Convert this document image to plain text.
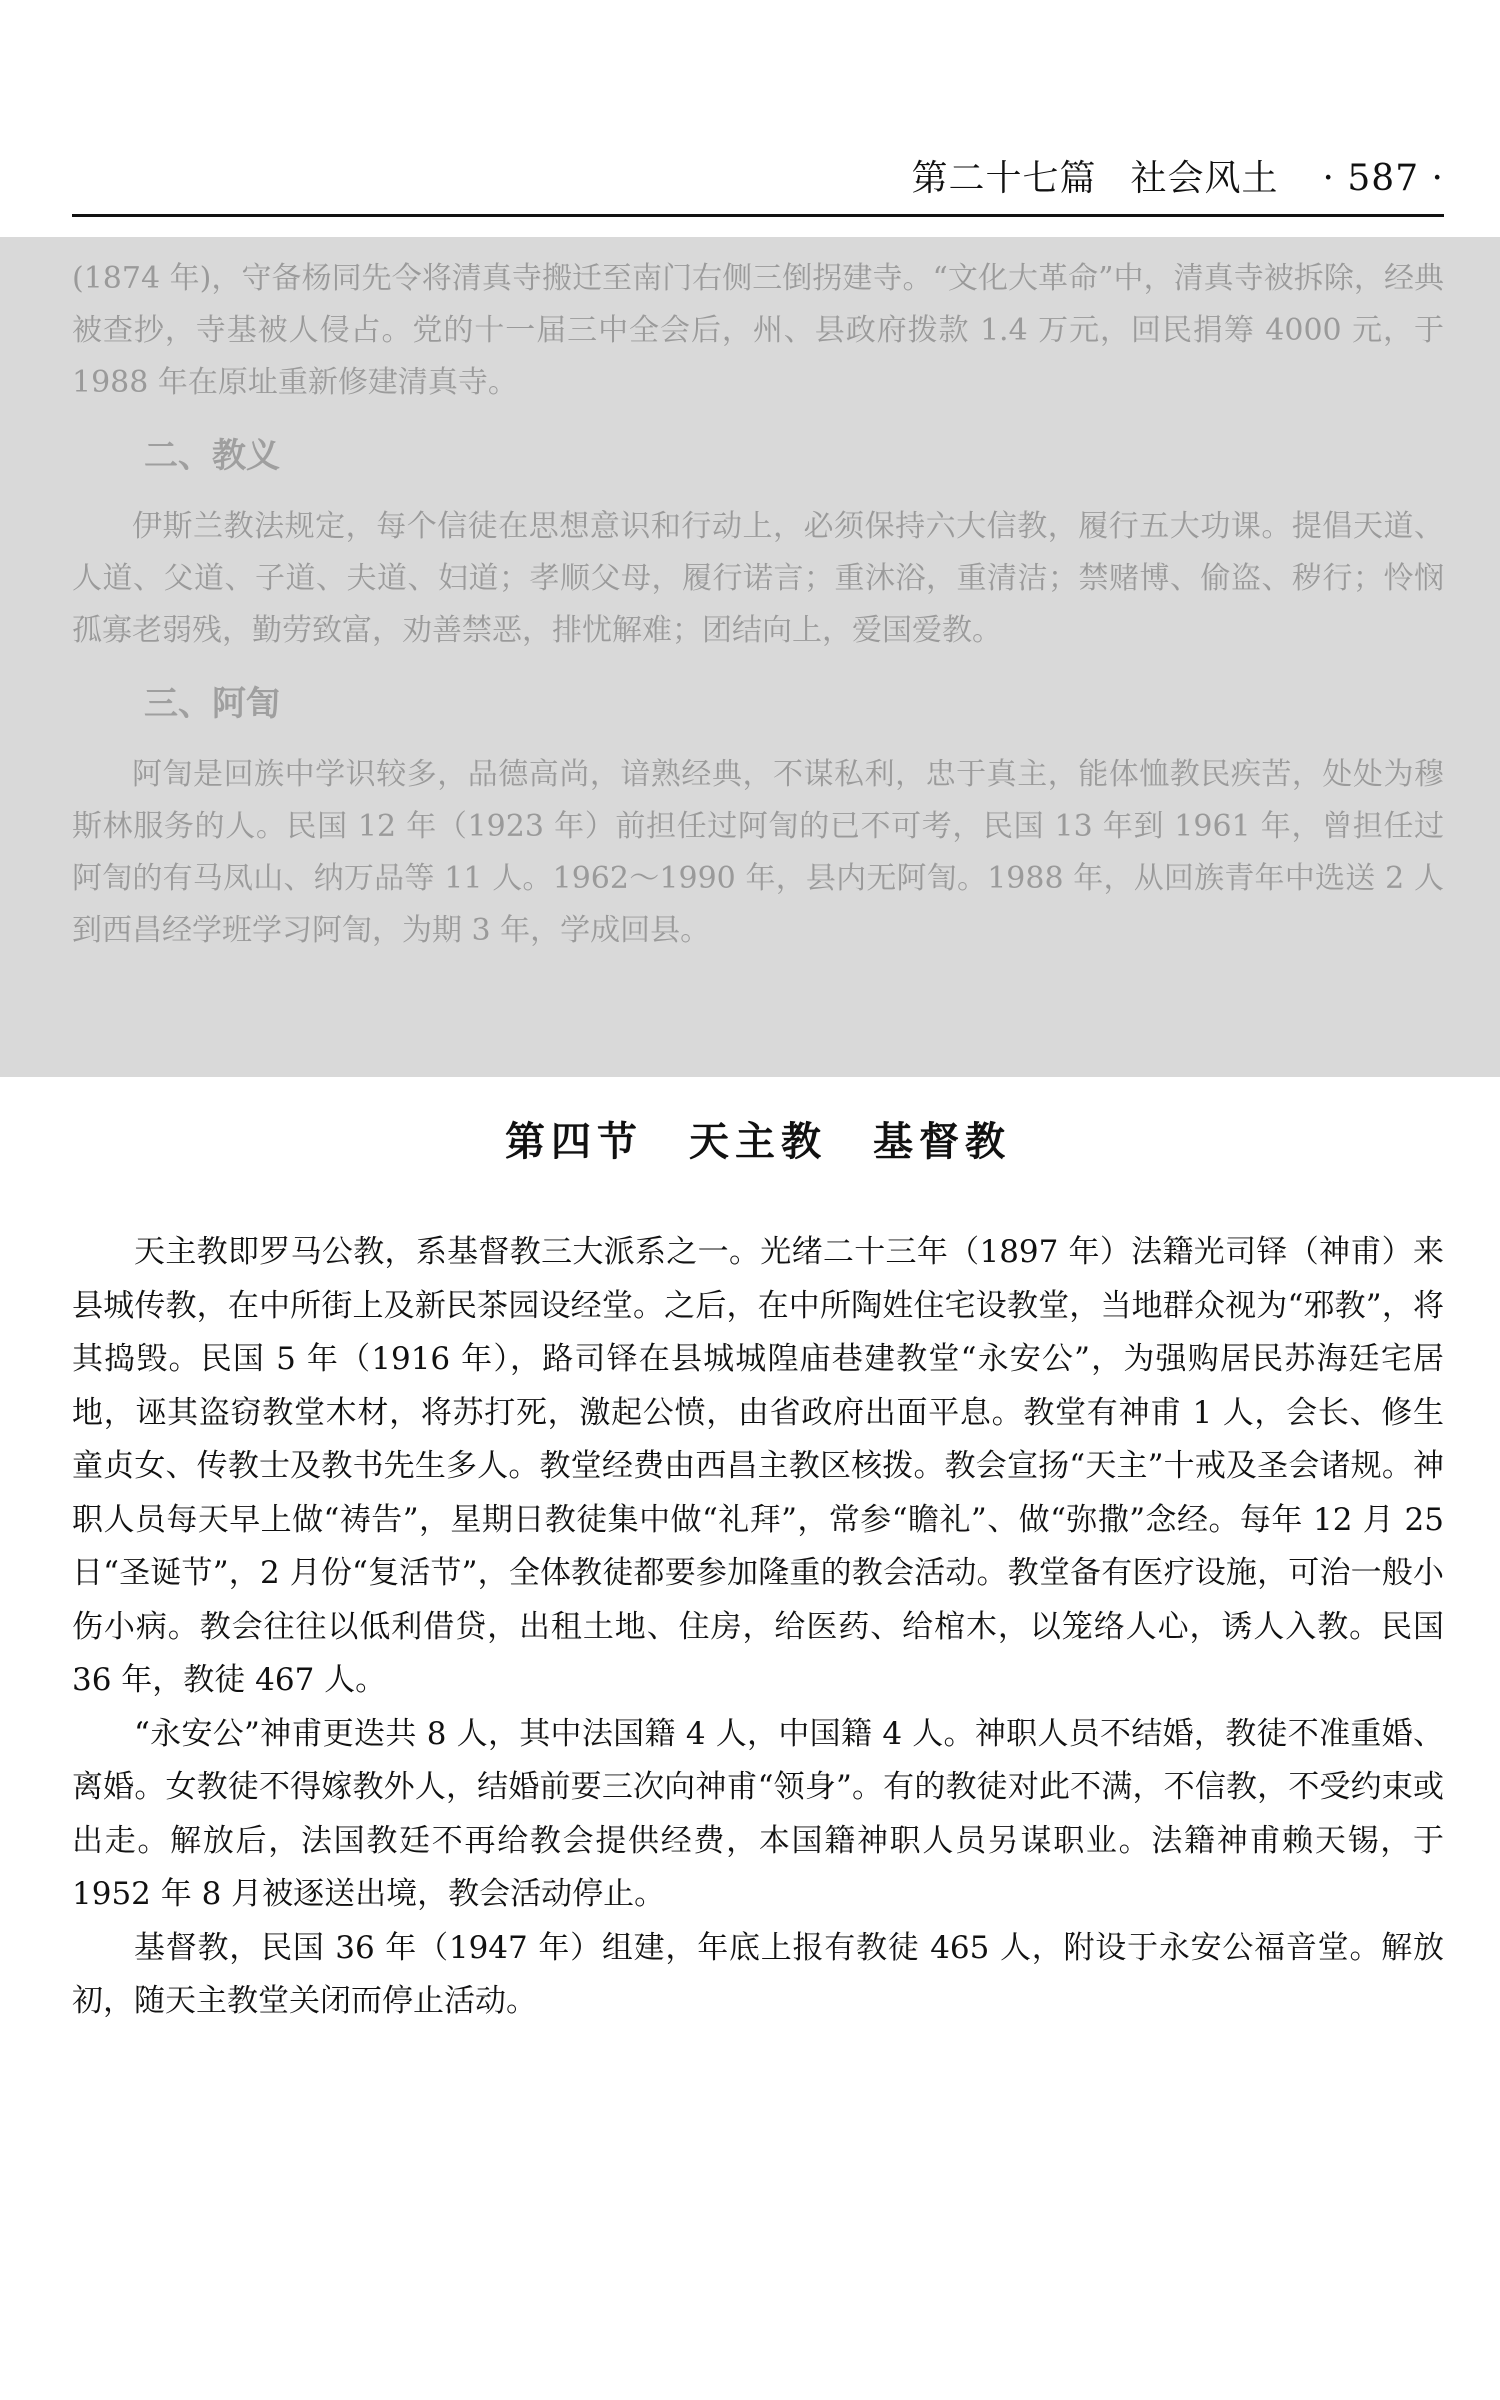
第二十七篇 社会风土 · 587 ·

(1874 年)，守备杨同先令将清真寺搬迁至南门右侧三倒拐建寺。“文化大革命”中，清真寺被拆除，经典被查抄，寺基被人侵占。党的十一届三中全会后，州、县政府拨款 1.4 万元，回民捐筹 4000 元，于 1988 年在原址重新修建清真寺。

二、教义

伊斯兰教法规定，每个信徒在思想意识和行动上，必须保持六大信教，履行五大功课。提倡天道、人道、父道、子道、夫道、妇道；孝顺父母，履行诺言；重沐浴，重清洁；禁赌博、偷盗、秽行；怜悯孤寡老弱残，勤劳致富，劝善禁恶，排忧解难；团结向上，爱国爱教。

三、阿訇

阿訇是回族中学识较多，品德高尚，谙熟经典，不谋私利，忠于真主，能体恤教民疾苦，处处为穆斯林服务的人。民国 12 年（1923 年）前担任过阿訇的已不可考，民国 13 年到 1961 年，曾担任过阿訇的有马凤山、纳万品等 11 人。1962～1990 年，县内无阿訇。1988 年，从回族青年中选送 2 人到西昌经学班学习阿訇，为期 3 年，学成回县。

第四节 天主教 基督教

天主教即罗马公教，系基督教三大派系之一。光绪二十三年（1897 年）法籍光司铎（神甫）来县城传教，在中所街上及新民茶园设经堂。之后，在中所陶姓住宅设教堂，当地群众视为“邪教”，将其捣毁。民国 5 年（1916 年），路司铎在县城城隍庙巷建教堂“永安公”，为强购居民苏海廷宅居地，诬其盗窃教堂木材，将苏打死，激起公愤，由省政府出面平息。教堂有神甫 1 人，会长、修生童贞女、传教士及教书先生多人。教堂经费由西昌主教区核拨。教会宣扬“天主”十戒及圣会诸规。神职人员每天早上做“祷告”，星期日教徒集中做“礼拜”，常参“瞻礼”、做“弥撒”念经。每年 12 月 25 日“圣诞节”，2 月份“复活节”，全体教徒都要参加隆重的教会活动。教堂备有医疗设施，可治一般小伤小病。教会往往以低利借贷，出租土地、住房，给医药、给棺木，以笼络人心，诱人入教。民国 36 年，教徒 467 人。

“永安公”神甫更迭共 8 人，其中法国籍 4 人，中国籍 4 人。神职人员不结婚，教徒不准重婚、离婚。女教徒不得嫁教外人，结婚前要三次向神甫“领身”。有的教徒对此不满，不信教，不受约束或出走。解放后，法国教廷不再给教会提供经费，本国籍神职人员另谋职业。法籍神甫赖天锡，于 1952 年 8 月被逐送出境，教会活动停止。

基督教，民国 36 年（1947 年）组建，年底上报有教徒 465 人，附设于永安公福音堂。解放初，随天主教堂关闭而停止活动。
